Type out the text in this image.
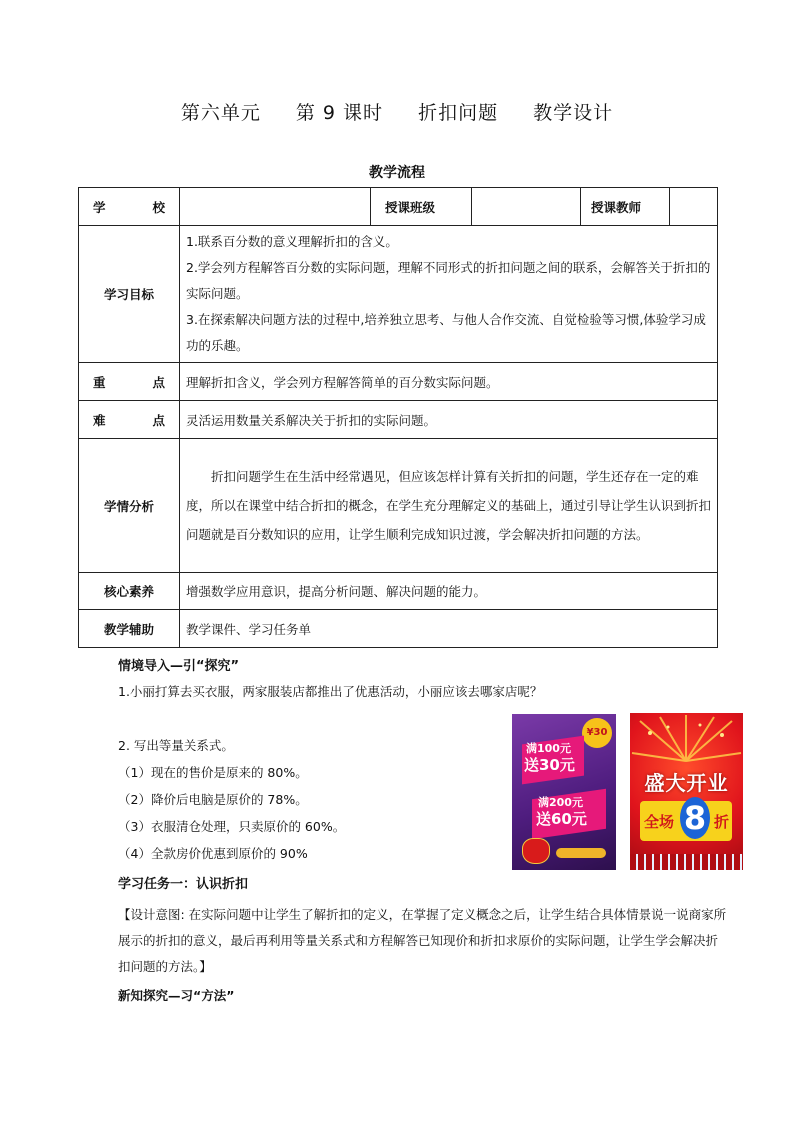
第六单元 第 9 课时 折扣问题 教学设计
教学流程
学　　校		授课班级		授课教师	
学习目标	1.联系百分数的意义理解折扣的含义。

2.学会列方程解答百分数的实际问题，理解不同形式的折扣问题之间的联系，会解答关于折扣的实际问题。

3.在探索解决问题方法的过程中,培养独立思考、与他人合作交流、自觉检验等习惯,体验学习成功的乐趣。				

重　　点	理解折扣含义，学会列方程解答简单的百分数实际问题。				
难　　点	灵活运用数量关系解决关于折扣的实际问题。				
学情分析	折扣问题学生在生活中经常遇见，但应该怎样计算有关折扣的问题，学生还存在一定的难度，所以在课堂中结合折扣的概念，在学生充分理解定义的基础上，通过引导让学生认识到折扣问题就是百分数知识的应用，让学生顺利完成知识过渡，学会解决折扣问题的方法。				
核心素养	增强数学应用意识，提高分析问题、解决问题的能力。				
教学辅助	教学课件、学习任务单				
情境导入—引“探究”
1.小丽打算去买衣服，两家服装店都推出了优惠活动，小丽应该去哪家店呢？
2. 写出等量关系式。
（1）现在的售价是原来的 80%。
（2）降价后电脑是原价的 78%。
（3）衣服清仓处理，只卖原价的 60%。
（4）全款房价优惠到原价的 90%
¥30
满100元
送30元
满200元
送60元
盛大开业
全场 8 折
学习任务一：认识折扣
【设计意图: 在实际问题中让学生了解折扣的定义，在掌握了定义概念之后，让学生结合具体情景说一说商家所展示的折扣的意义，最后再利用等量关系式和方程解答已知现价和折扣求原价的实际问题，让学生学会解决折扣问题的方法。】
新知探究—习“方法”
